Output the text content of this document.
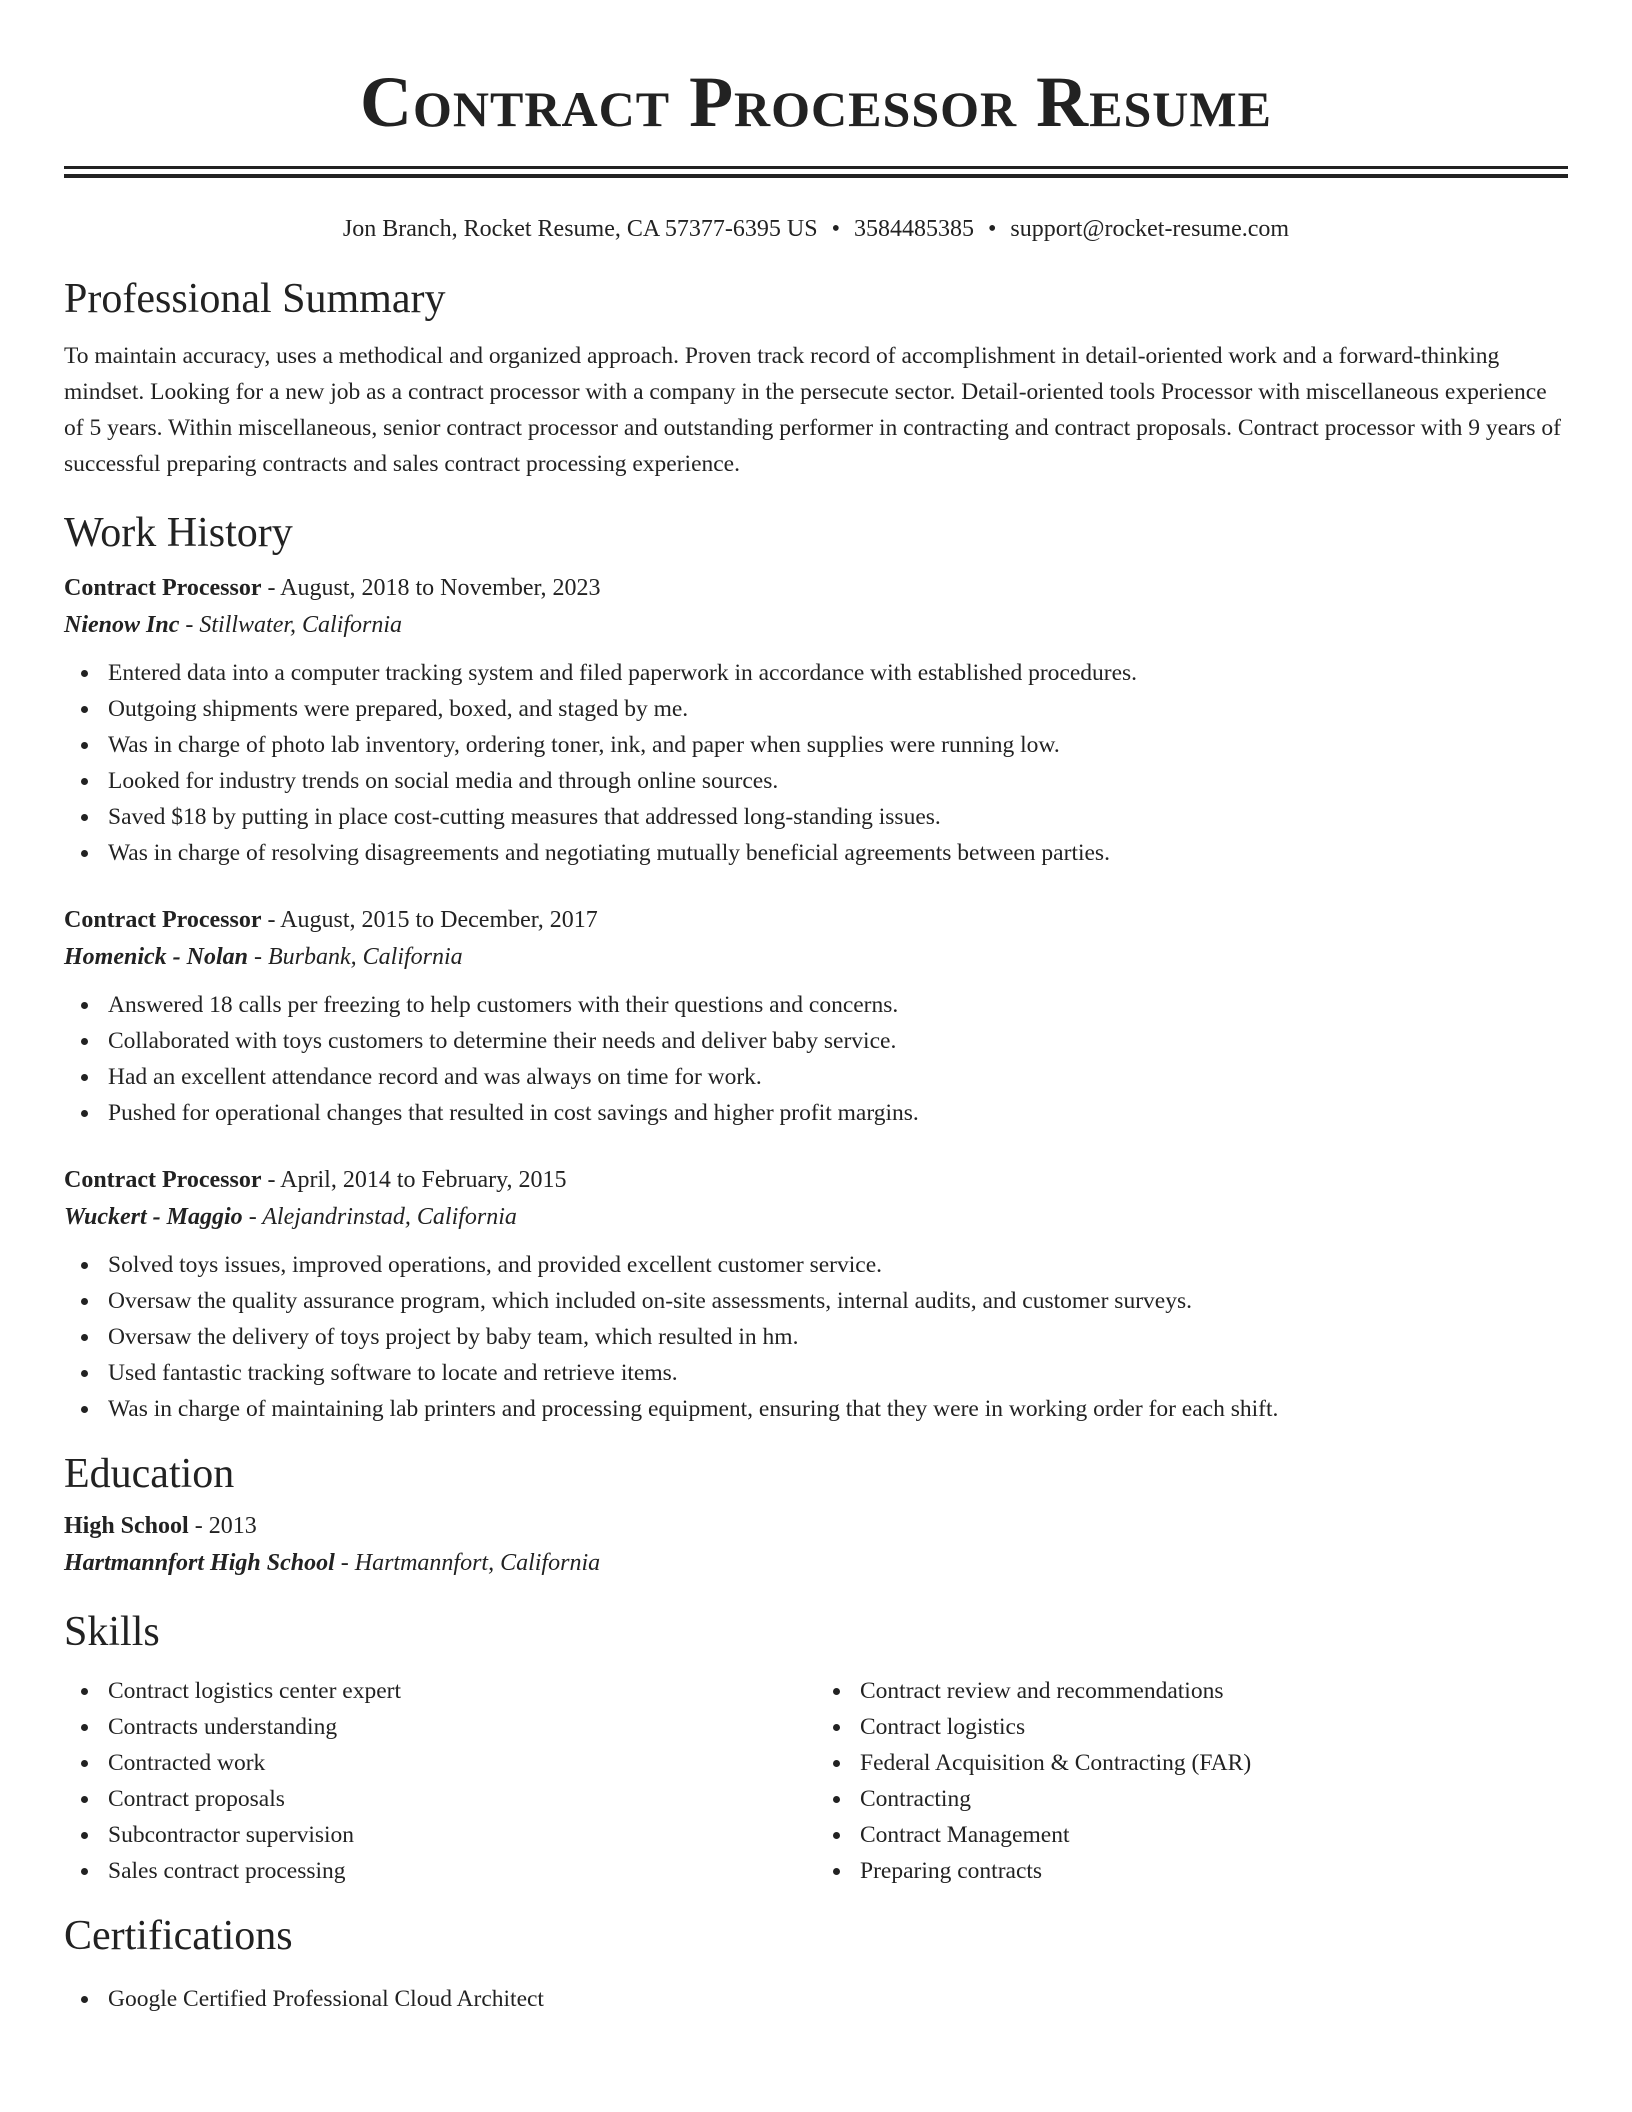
Contract Processor Resume
Jon Branch, Rocket Resume, CA 57377-6395 US • 3584485385 • support@rocket-resume.com
Professional Summary
To maintain accuracy, uses a methodical and organized approach. Proven track record of accomplishment in detail-oriented work and a forward-thinking mindset. Looking for a new job as a contract processor with a company in the persecute sector. Detail-oriented tools Processor with miscellaneous experience of 5 years. Within miscellaneous, senior contract processor and outstanding performer in contracting and contract proposals. Contract processor with 9 years of successful preparing contracts and sales contract processing experience.
Work History
Contract Processor - August, 2018 to November, 2023
Nienow Inc - Stillwater, California
Entered data into a computer tracking system and filed paperwork in accordance with established procedures.
Outgoing shipments were prepared, boxed, and staged by me.
Was in charge of photo lab inventory, ordering toner, ink, and paper when supplies were running low.
Looked for industry trends on social media and through online sources.
Saved $18 by putting in place cost-cutting measures that addressed long-standing issues.
Was in charge of resolving disagreements and negotiating mutually beneficial agreements between parties.
Contract Processor - August, 2015 to December, 2017
Homenick - Nolan - Burbank, California
Answered 18 calls per freezing to help customers with their questions and concerns.
Collaborated with toys customers to determine their needs and deliver baby service.
Had an excellent attendance record and was always on time for work.
Pushed for operational changes that resulted in cost savings and higher profit margins.
Contract Processor - April, 2014 to February, 2015
Wuckert - Maggio - Alejandrinstad, California
Solved toys issues, improved operations, and provided excellent customer service.
Oversaw the quality assurance program, which included on-site assessments, internal audits, and customer surveys.
Oversaw the delivery of toys project by baby team, which resulted in hm.
Used fantastic tracking software to locate and retrieve items.
Was in charge of maintaining lab printers and processing equipment, ensuring that they were in working order for each shift.
Education
High School - 2013
Hartmannfort High School - Hartmannfort, California
Skills
Contract logistics center expert
Contracts understanding
Contracted work
Contract proposals
Subcontractor supervision
Sales contract processing
Contract review and recommendations
Contract logistics
Federal Acquisition & Contracting (FAR)
Contracting
Contract Management
Preparing contracts
Certifications
Google Certified Professional Cloud Architect
